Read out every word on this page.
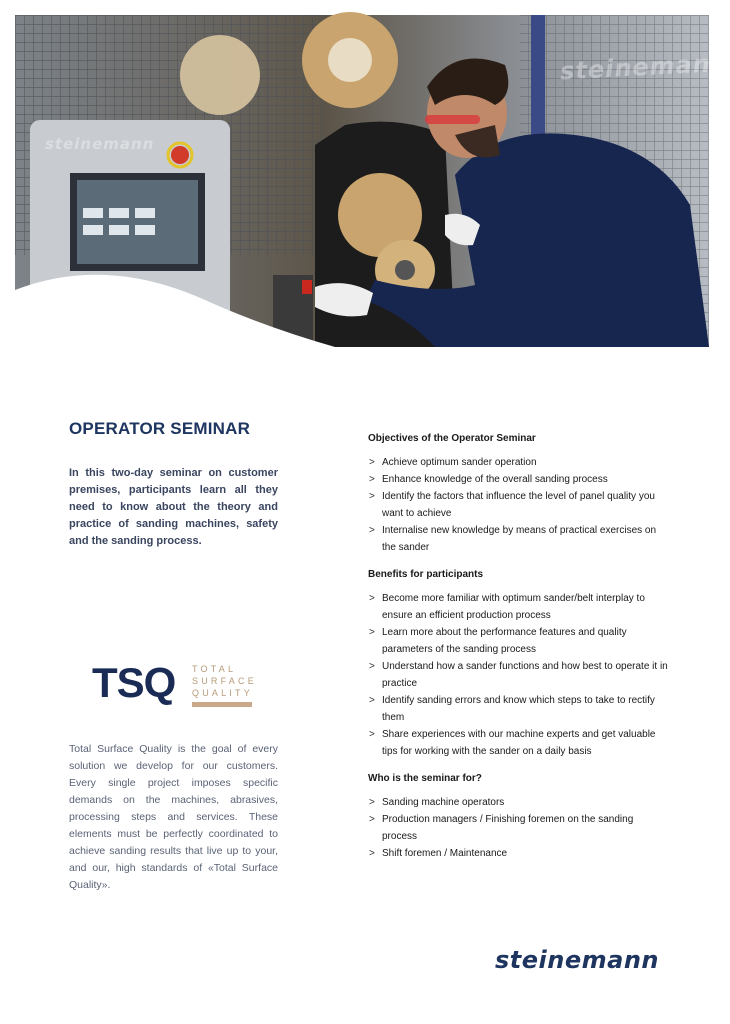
steinemann
steinemann
OPERATOR SEMINAR
In this two-day seminar on customer premises, participants learn all they need to know about the theory and practice of sanding machines, safety and the sanding process.
TSQ TOTAL
SURFACE
QUALITY
Total Surface Quality is the goal of every solution we develop for our customers. Every single project imposes specific demands on the machines, abrasives, processing steps and services. These elements must be perfectly coordinated to achieve sanding results that live up to your, and our, high standards of «Total Surface Quality».

Objectives of the Operator Seminar

> Achieve optimum sander operation
> Enhance knowledge of the overall sanding process
> Identify the factors that influence the level of panel quality you want to achieve
> Internalise new knowledge by means of practical exercises on the sander

Benefits for participants

> Become more familiar with optimum sander/belt interplay to ensure an efficient production process
> Learn more about the performance features and quality parameters of the sanding process
> Understand how a sander functions and how best to operate it in practice
> Identify sanding errors and know which steps to take to rectify them
> Share experiences with our machine experts and get valuable tips for working with the sander on a daily basis

Who is the seminar for?

> Sanding machine operators
> Production managers / Finishing foremen on the sanding process
> Shift foremen / Maintenance
steinemann
